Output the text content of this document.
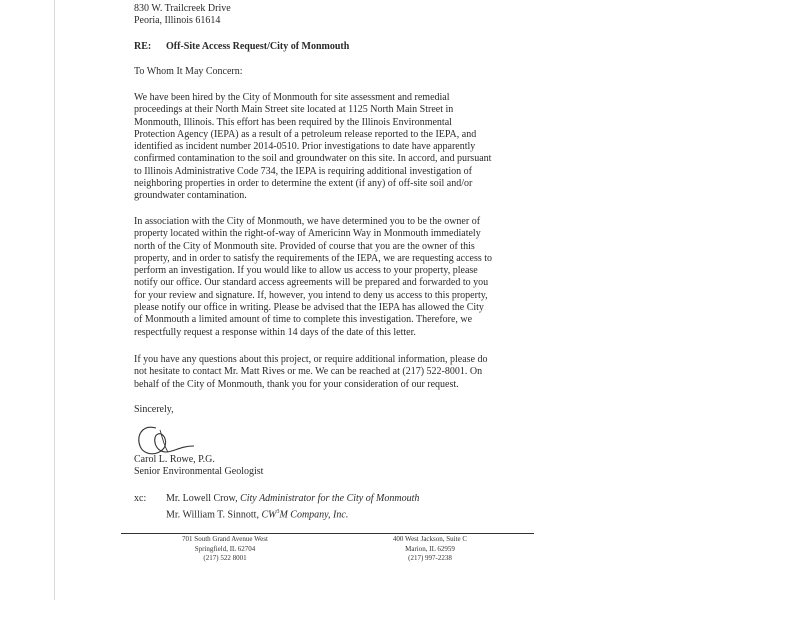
830 W. Trailcreek Drive
Peoria, Illinois 61614
RE: Off-Site Access Request/City of Monmouth
To Whom It May Concern:
We have been hired by the City of Monmouth for site assessment and remedial
proceedings at their North Main Street site located at 1125 North Main Street in
Monmouth, Illinois. This effort has been required by the Illinois Environmental
Protection Agency (IEPA) as a result of a petroleum release reported to the IEPA, and
identified as incident number 2014-0510. Prior investigations to date have apparently
confirmed contamination to the soil and groundwater on this site. In accord, and pursuant
to Illinois Administrative Code 734, the IEPA is requiring additional investigation of
neighboring properties in order to determine the extent (if any) of off-site soil and/or
groundwater contamination.
In association with the City of Monmouth, we have determined you to be the owner of
property located within the right-of-way of Americinn Way in Monmouth immediately
north of the City of Monmouth site. Provided of course that you are the owner of this
property, and in order to satisfy the requirements of the IEPA, we are requesting access to
perform an investigation. If you would like to allow us access to your property, please
notify our office. Our standard access agreements will be prepared and forwarded to you
for your review and signature. If, however, you intend to deny us access to this property,
please notify our office in writing. Please be advised that the IEPA has allowed the City
of Monmouth a limited amount of time to complete this investigation. Therefore, we
respectfully request a response within 14 days of the date of this letter.
If you have any questions about this project, or require additional information, please do
not hesitate to contact Mr. Matt Rives or me. We can be reached at (217) 522-8001. On
behalf of the City of Monmouth, thank you for your consideration of our request.
Sincerely,
Carol L. Rowe, P.G.
Senior Environmental Geologist
xc: Mr. Lowell Crow, City Administrator for the City of Monmouth
Mr. William T. Sinnott, $CW^3M$ Company, Inc.
701 South Grand Avenue West
Springfield, IL 62704
(217) 522 8001
400 West Jackson, Suite C
Marion, IL 62959
(217) 997-2238
